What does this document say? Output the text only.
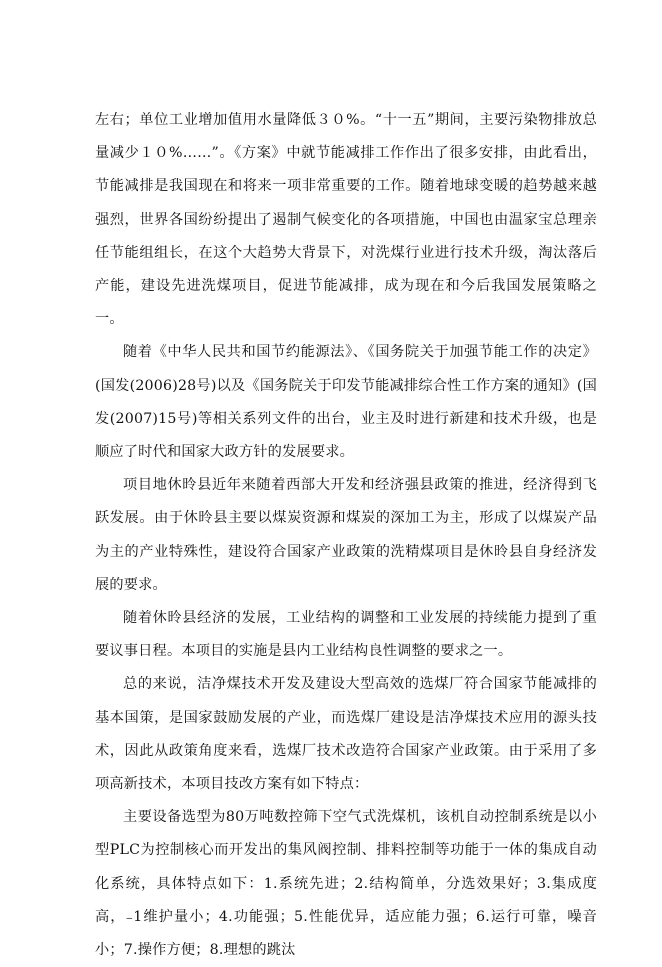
左右；单位工业增加值用水量降低３０%。“十一五”期间，主要污染物排放总量减少１０%……”。《方案》中就节能减排工作作出了很多安排，由此看出，节能减排是我国现在和将来一项非常重要的工作。随着地球变暖的趋势越来越强烈，世界各国纷纷提出了遏制气候变化的各项措施，中国也由温家宝总理亲任节能组组长，在这个大趋势大背景下，对洗煤行业进行技术升级，淘汰落后产能，建设先进洗煤项目，促进节能减排，成为现在和今后我国发展策略之一。

随着《中华人民共和国节约能源法》、《国务院关于加强节能工作的决定》(国发(2006)28号)以及《国务院关于印发节能减排综合性工作方案的通知》(国发(2007)15号)等相关系列文件的出台，业主及时进行新建和技术升级，也是顺应了时代和国家大政方针的发展要求。

项目地休昤县近年来随着西部大开发和经济强县政策的推进，经济得到飞跃发展。由于休昤县主要以煤炭资源和煤炭的深加工为主，形成了以煤炭产品为主的产业特殊性，建设符合国家产业政策的洗精煤项目是休昤县自身经济发展的要求。

随着休昤县经济的发展，工业结构的调整和工业发展的持续能力提到了重要议事日程。本项目的实施是县内工业结构良性调整的要求之一。

总的来说，洁净煤技术开发及建设大型高效的选煤厂符合国家节能减排的基本国策，是国家鼓励发展的产业，而选煤厂建设是洁净煤技术应用的源头技术，因此从政策角度来看，选煤厂技术改造符合国家产业政策。由于采用了多项高新技术，本项目技改方案有如下特点：

主要设备选型为80万吨数控筛下空气式洗煤机，该机自动控制系统是以小型PLC为控制核心而开发出的集风阀控制、排料控制等功能于一体的集成自动化系统，具体特点如下：1.系统先进；2.结构简单，分选效果好；3.集成度高，₋1维护量小；4.功能强；5.性能优异，适应能力强；6.运行可靠，噪音小；7.操作方便；8.理想的跳汰
